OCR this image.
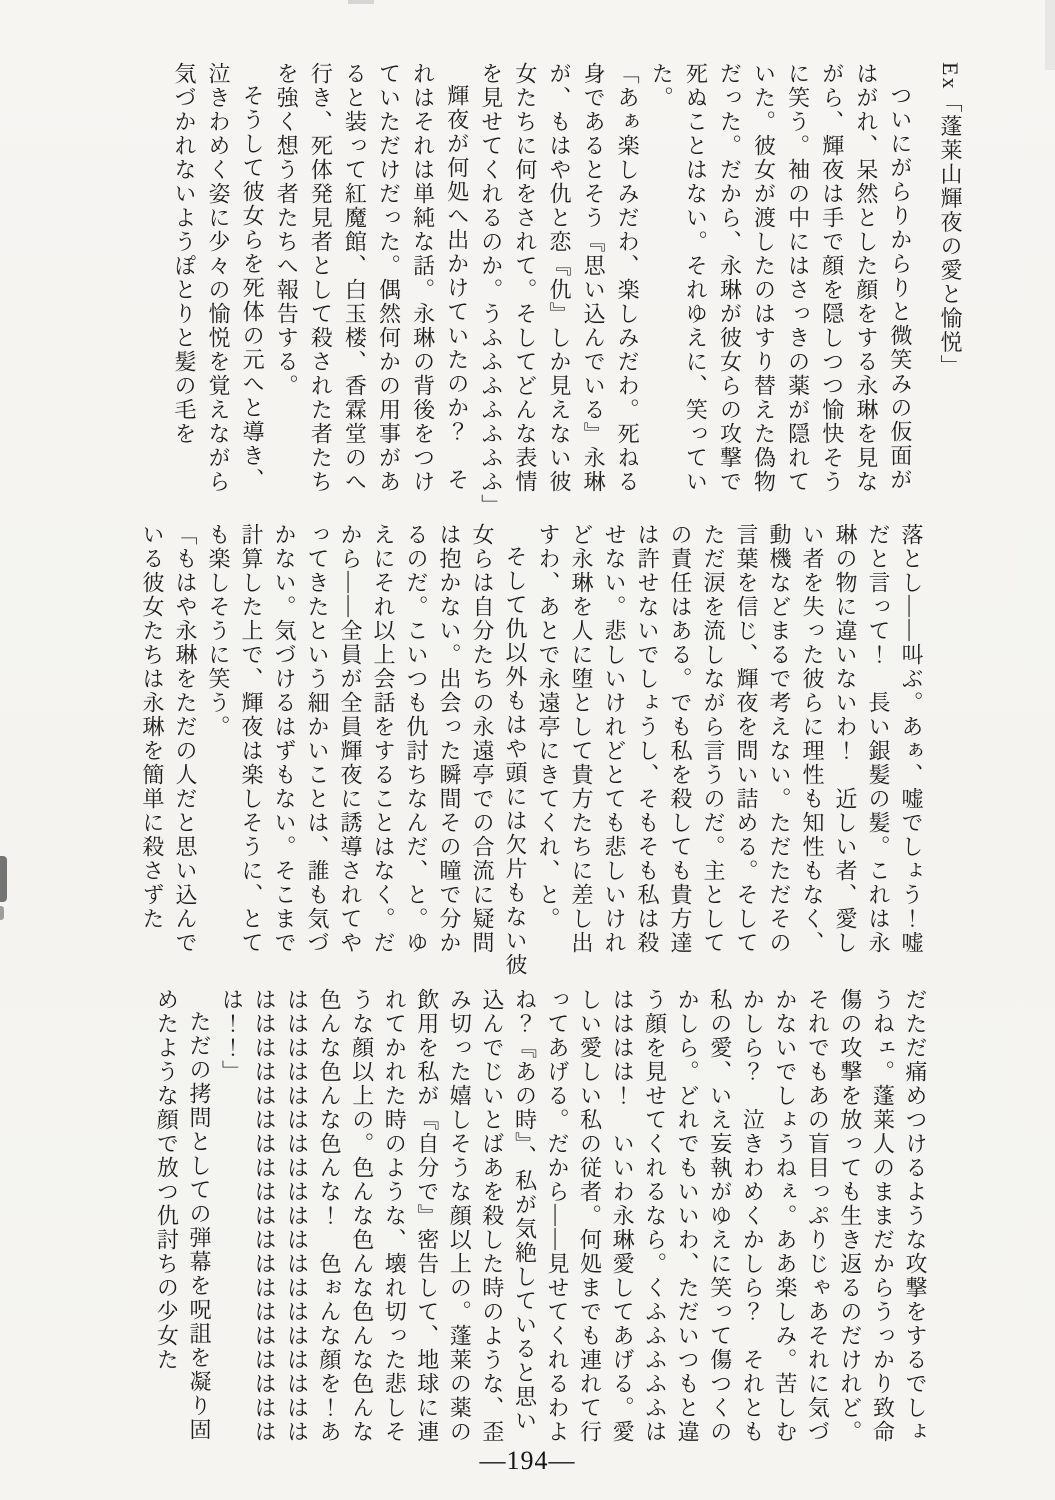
Ex「蓬莱山輝夜の愛と愉悦」

ついにがらりからりと微笑みの仮面がはがれ、呆然とした顔をする永琳を見ながら、輝夜は手で顔を隠しつつ愉快そうに笑う。袖の中にはさっきの薬が隠れていた。彼女が渡したのはすり替えた偽物だった。だから、永琳が彼女らの攻撃で死ぬことはない。それゆえに、笑っていた。

「あぁ楽しみだわ、楽しみだわ。死ねる身であるとそう『思い込んでいる』永琳が、もはや仇と恋『仇』しか見えない彼女たちに何をされて。そしてどんな表情を見せてくれるのか。うふふふふふふふ」

輝夜が何処へ出かけていたのか？　それはそれは単純な話。永琳の背後をつけていただけだった。偶然何かの用事があると装って紅魔館、白玉楼、香霖堂のへ行き、死体発見者として殺された者たちを強く想う者たちへ報告する。

そうして彼女らを死体の元へと導き、泣きわめく姿に少々の愉悦を覚えながら気づかれないようぽとりと髪の毛を

落とし――叫ぶ。あぁ、嘘でしょう！嘘だと言って！　長い銀髪の髪。これは永琳の物に違いないわ！　近しい者、愛しい者を失った彼らに理性も知性もなく、動機などまるで考えない。ただただその言葉を信じ、輝夜を問い詰める。そしてただ涙を流しながら言うのだ。主としての責任はある。でも私を殺しても貴方達は許せないでしょうし、そもそも私は殺せない。悲しいけれどとても悲しいけれど永琳を人に堕として貴方たちに差し出すわ、あとで永遠亭にきてくれ、と。

そして仇以外もはや頭には欠片もない彼女らは自分たちの永遠亭での合流に疑問は抱かない。出会った瞬間その瞳で分かるのだ。こいつも仇討ちなんだ、と。ゆえにそれ以上会話をすることはなく。だから――全員が全員輝夜に誘導されてやってきたという細かいことは、誰も気づかない。気づけるはずもない。そこまで計算した上で、輝夜は楽しそうに、とても楽しそうに笑う。

「もはや永琳をただの人だと思い込んでいる彼女たちは永琳を簡単に殺さずた

だただ痛めつけるような攻撃をするでしょうねェ。蓬莱人のままだからうっかり致命傷の攻撃を放っても生き返るのだけれど。それでもあの盲目っぷりじゃあそれに気づかないでしょうねぇ。ああ楽しみ。苦しむかしら？　泣きわめくかしら？　それとも私の愛、いえ妄執がゆえに笑って傷つくのかしら。どれでもいいわ、ただいつもと違う顔を見せてくれるなら。くふふふふふははははは！　いいわ永琳愛してあげる。愛しい愛しい私の従者。何処までも連れて行ってあげる。だから――見せてくれるわよね？『あの時』、私が気絶していると思い込んでじいとばあを殺した時のような、歪み切った嬉しそうな顔以上の。蓬莱の薬の飲用を私が『自分で』密告して、地球に連れてかれた時のような、壊れ切った悲しそうな顔以上の。色んな色んな色んな色んな色んな色んな色んな！　色ぉんな顔を！あははははははははははははははははははははははははははははははははははははははは！！」

ただの拷問としての弾幕を呪詛を凝り固めたような顔で放つ仇討ちの少女た

―194―
